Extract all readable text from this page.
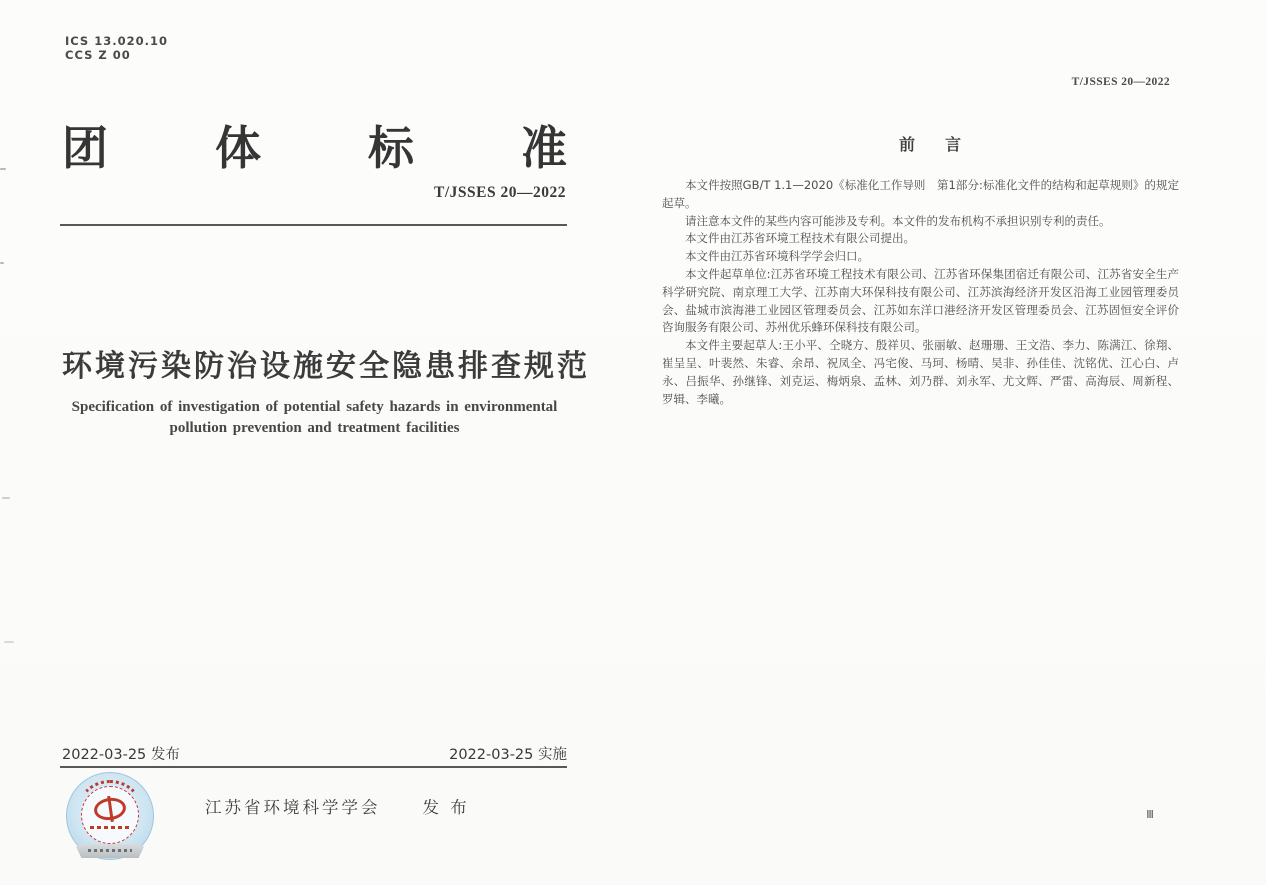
ICS 13.020.10
CCS Z 00
团 体 标 准
T/JSSES 20—2022
环境污染防治设施安全隐患排查规范
Specification of investigation of potential safety hazards in environmental
pollution prevention and treatment facilities
2022-03-25 发布	2022-03-25 实施
江苏省环境科学学会	发 布
T/JSSES 20—2022
前 言

本文件按照GB/T 1.1—2020《标准化工作导则　第1部分:标准化文件的结构和起草规则》的规定起草。

请注意本文件的某些内容可能涉及专利。本文件的发布机构不承担识别专利的责任。

本文件由江苏省环境工程技术有限公司提出。

本文件由江苏省环境科学学会归口。

本文件起草单位:江苏省环境工程技术有限公司、江苏省环保集团宿迁有限公司、江苏省安全生产科学研究院、南京理工大学、江苏南大环保科技有限公司、江苏滨海经济开发区沿海工业园管理委员会、盐城市滨海港工业园区管理委员会、江苏如东洋口港经济开发区管理委员会、江苏固恒安全评价咨询服务有限公司、苏州优乐蜂环保科技有限公司。

本文件主要起草人:王小平、仝晓方、殷祥贝、张丽敏、赵珊珊、王文浩、李力、陈满江、徐翔、崔呈呈、叶裴然、朱睿、余昂、祝凤全、冯宅俊、马珂、杨晴、吴非、孙佳佳、沈铭优、江心白、卢永、吕振华、孙继锋、刘克运、梅炳泉、孟林、刘乃群、刘永军、尤文辉、严雷、高海辰、周新程、罗辑、李曦。

Ⅲ
